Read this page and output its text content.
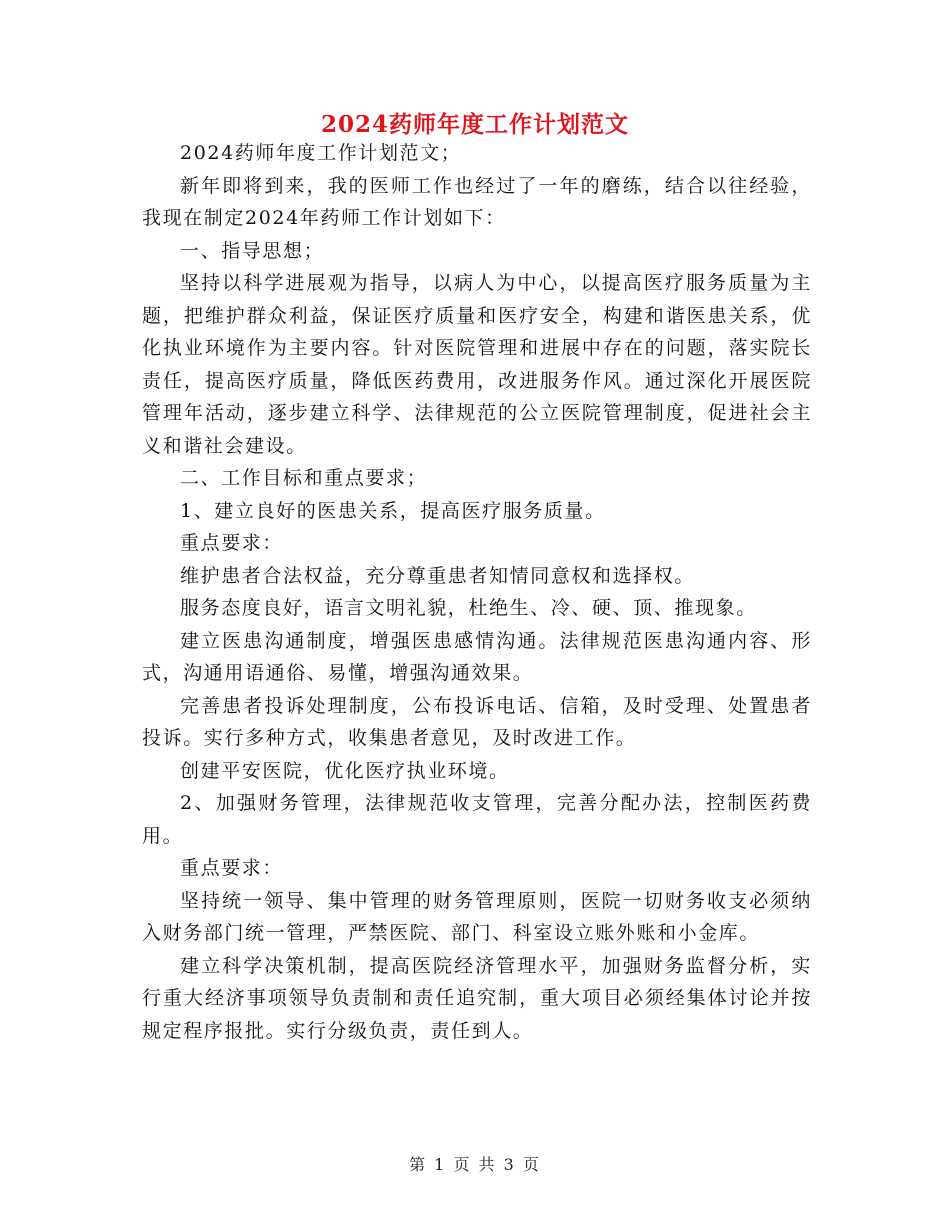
2024药师年度工作计划范文

2024药师年度工作计划范文；

新年即将到来，我的医师工作也经过了一年的磨练，结合以往经验，我现在制定2024年药师工作计划如下：

一、指导思想；

坚持以科学进展观为指导，以病人为中心，以提高医疗服务质量为主题，把维护群众利益，保证医疗质量和医疗安全，构建和谐医患关系，优化执业环境作为主要内容。针对医院管理和进展中存在的问题，落实院长责任，提高医疗质量，降低医药费用，改进服务作风。通过深化开展医院管理年活动，逐步建立科学、法律规范的公立医院管理制度，促进社会主义和谐社会建设。

二、工作目标和重点要求；

1、建立良好的医患关系，提高医疗服务质量。

重点要求：

维护患者合法权益，充分尊重患者知情同意权和选择权。

服务态度良好，语言文明礼貌，杜绝生、冷、硬、顶、推现象。

建立医患沟通制度，增强医患感情沟通。法律规范医患沟通内容、形式，沟通用语通俗、易懂，增强沟通效果。

完善患者投诉处理制度，公布投诉电话、信箱，及时受理、处置患者投诉。实行多种方式，收集患者意见，及时改进工作。

创建平安医院，优化医疗执业环境。

2、加强财务管理，法律规范收支管理，完善分配办法，控制医药费用。

重点要求：

坚持统一领导、集中管理的财务管理原则，医院一切财务收支必须纳入财务部门统一管理，严禁医院、部门、科室设立账外账和小金库。

建立科学决策机制，提高医院经济管理水平，加强财务监督分析，实行重大经济事项领导负责制和责任追究制，重大项目必须经集体讨论并按规定程序报批。实行分级负责，责任到人。

第 1 页 共 3 页
